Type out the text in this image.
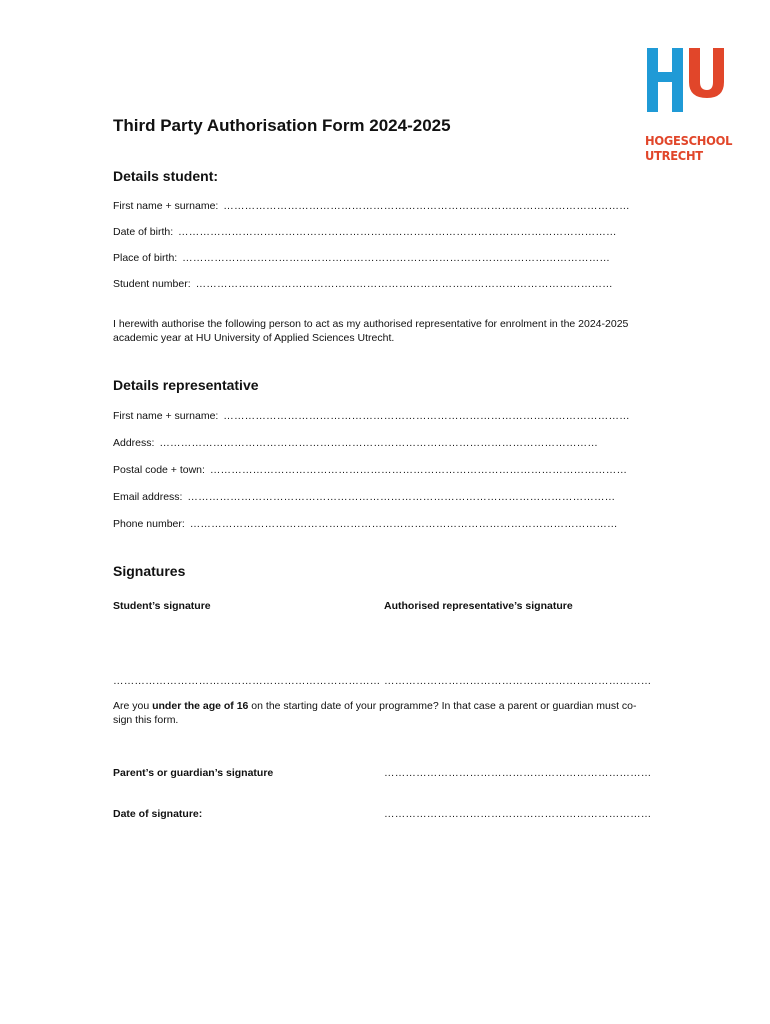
HOGESCHOOL
UTRECHT
Third Party Authorisation Form 2024-2025
Details student:
First name + surname: ……………………………………………………………………………………………………
Date of birth: ……………………………………………………………………………………………………………
Place of birth: …………………………………………………………………………………………………………
Student number: ………………………………………………………………………………………………………
I herewith authorise the following person to act as my authorised representative for enrolment in the 2024-2025 academic year at HU University of Applied Sciences Utrecht.
Details representative
First name + surname: ……………………………………………………………………………………………………
Address: ……………………………………………………………………………………………………………
Postal code + town: ………………………………………………………………………………………………………
Email address: …………………………………………………………………………………………………………
Phone number: …………………………………………………………………………………………………………
Signatures
Student’s signature	Authorised representative’s signature
………………………………………………………………… …………………………………………………………………
Are you under the age of 16 on the starting date of your programme? In that case a parent or guardian must co-sign this form.
Parent’s or guardian’s signature	…………………………………………………………………
Date of signature:	…………………………………………………………………
